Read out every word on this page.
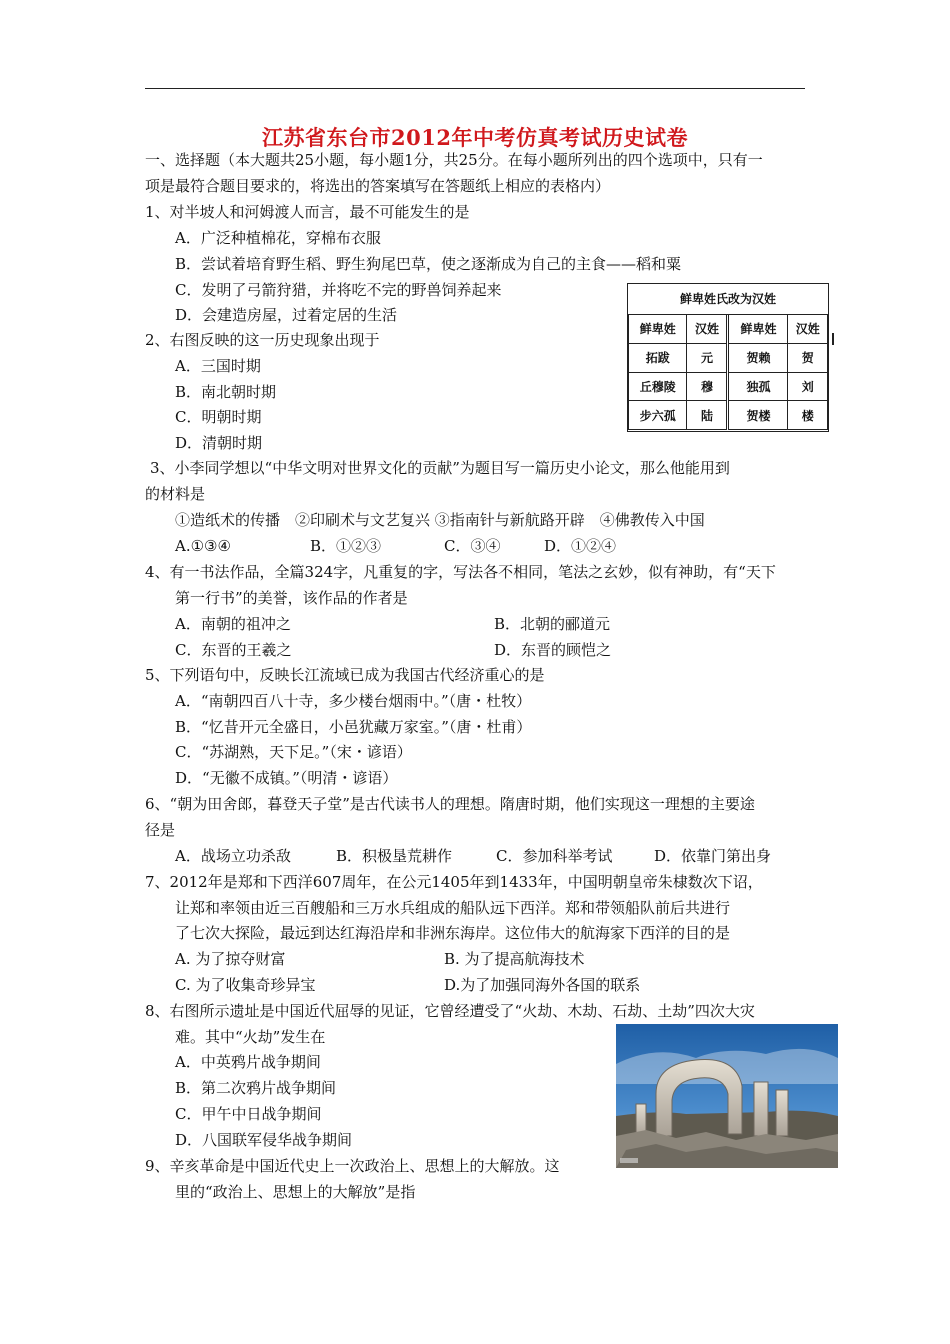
江苏省东台市2012年中考仿真考试历史试卷
一、选择题（本大题共25小题，每小题1分，共25分。在每小题所列出的四个选项中，只有一
项是最符合题目要求的，将选出的答案填写在答题纸上相应的表格内）
1、对半坡人和河姆渡人而言，最不可能发生的是
A．广泛种植棉花，穿棉布衣服
B．尝试着培育野生稻、野生狗尾巴草，使之逐渐成为自己的主食——稻和粟
C．发明了弓箭狩猎，并将吃不完的野兽饲养起来
D．会建造房屋，过着定居的生活
2、右图反映的这一历史现象出现于
A．三国时期
B．南北朝时期
C．明朝时期
D．清朝时期
鲜卑姓氏改为汉姓
鲜卑姓	汉姓	鲜卑姓	汉姓
拓跋	元	贺赖	贺
丘穆陵	穆	独孤	刘
步六孤	陆	贺楼	楼
3、小李同学想以“中华文明对世界文化的贡献”为题目写一篇历史小论文，那么他能用到
的材料是
①造纸术的传播　②印刷术与文艺复兴 ③指南针与新航路开辟　④佛教传入中国
A.①③④	B．①②③	C．③④	D．①②④
4、有一书法作品，全篇324字，凡重复的字，写法各不相同，笔法之玄妙，似有神助，有“天下
第一行书”的美誉，该作品的作者是
A．南朝的祖冲之	B．北朝的郦道元
C．东晋的王羲之	D．东晋的顾恺之
5、下列语句中，反映长江流域已成为我国古代经济重心的是
A．“南朝四百八十寺，多少楼台烟雨中。”（唐・杜牧）
B．“忆昔开元全盛日，小邑犹藏万家室。”（唐・杜甫）
C．“苏湖熟，天下足。”（宋・谚语）
D．“无徽不成镇。”（明清・谚语）
6、“朝为田舍郎，暮登天子堂”是古代读书人的理想。隋唐时期，他们实现这一理想的主要途
径是
A．战场立功杀敌	B．积极垦荒耕作	C．参加科举考试	D．依靠门第出身
7、2012年是郑和下西洋607周年，在公元1405年到1433年，中国明朝皇帝朱棣数次下诏，
让郑和率领由近三百艘船和三万水兵组成的船队远下西洋。郑和带领船队前后共进行
了七次大探险，最远到达红海沿岸和非洲东海岸。这位伟大的航海家下西洋的目的是
A. 为了掠夺财富	B. 为了提高航海技术
C. 为了收集奇珍异宝	D.为了加强同海外各国的联系
8、右图所示遗址是中国近代屈辱的见证，它曾经遭受了“火劫、木劫、石劫、土劫”四次大灾
难。其中“火劫”发生在
A．中英鸦片战争期间
B．第二次鸦片战争期间
C．甲午中日战争期间
D．八国联军侵华战争期间
9、辛亥革命是中国近代史上一次政治上、思想上的大解放。这
里的“政治上、思想上的大解放”是指
